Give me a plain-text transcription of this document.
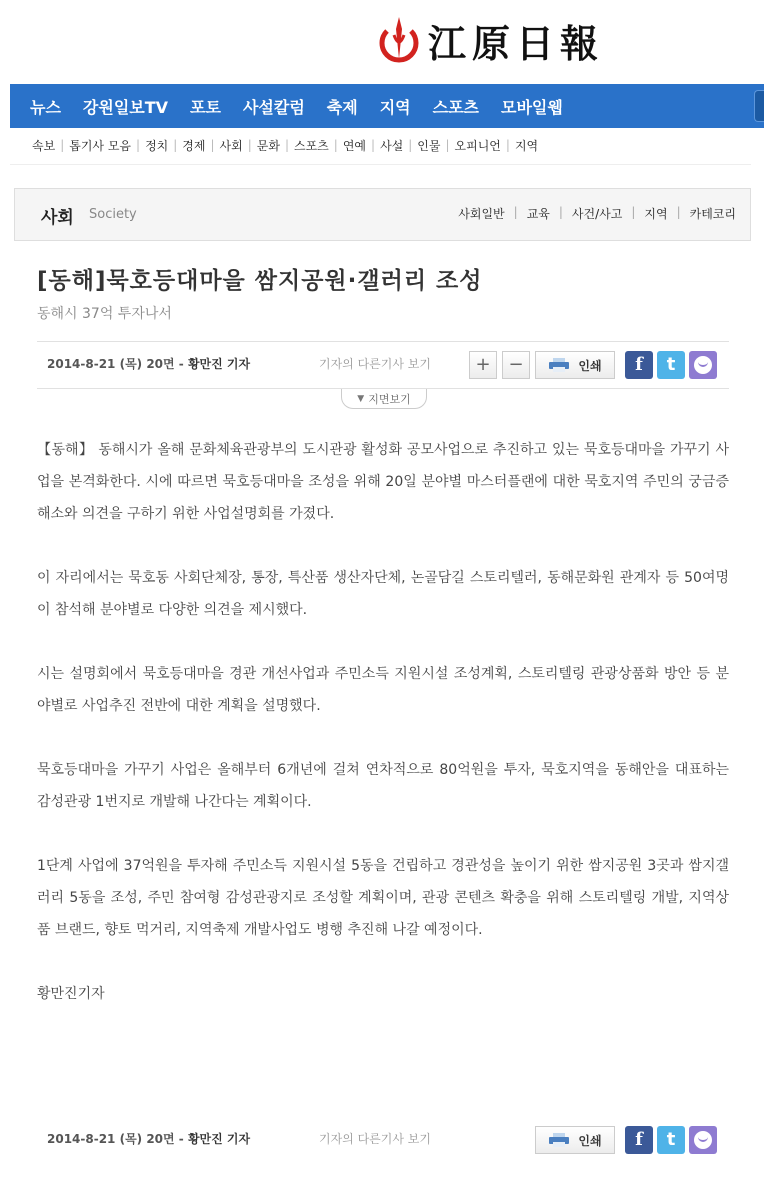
江原日報
뉴스 강원일보TV 포토 사설칼럼 축제 지역 스포츠 모바일웹
속보 | 톱기사 모음 | 정치 | 경제 | 사회 | 문화 | 스포츠 | 연예 | 사설 | 인물 | 오피니언 | 지역
사회 Society	사회일반 | 교육 | 사건/사고 | 지역 | 카테코리
[동해]묵호등대마을 쌈지공원·갤러리 조성
동해시 37억 투자나서
2014-8-21 (목) 20면 - 황만진 기자	기자의 다른기사 보기	+ −	인쇄	f	t
▼ 지면보기

【동해】 동해시가 올해 문화체육관광부의 도시관광 활성화 공모사업으로 추진하고 있는 묵호등대마을 가꾸기 사업을 본격화한다. 시에 따르면 묵호등대마을 조성을 위해 20일 분야별 마스터플랜에 대한 묵호지역 주민의 궁금증 해소와 의견을 구하기 위한 사업설명회를 가졌다.

이 자리에서는 묵호동 사회단체장, 통장, 특산품 생산자단체, 논골담길 스토리텔러, 동해문화원 관계자 등 50여명이 참석해 분야별로 다양한 의견을 제시했다.

시는 설명회에서 묵호등대마을 경관 개선사업과 주민소득 지원시설 조성계획, 스토리텔링 관광상품화 방안 등 분야별로 사업추진 전반에 대한 계획을 설명했다.

묵호등대마을 가꾸기 사업은 올해부터 6개년에 걸쳐 연차적으로 80억원을 투자, 묵호지역을 동해안을 대표하는 감성관광 1번지로 개발해 나간다는 계획이다.

1단계 사업에 37억원을 투자해 주민소득 지원시설 5동을 건립하고 경관성을 높이기 위한 쌈지공원 3곳과 쌈지갤러리 5동을 조성, 주민 참여형 감성관광지로 조성할 계획이며, 관광 콘텐츠 확충을 위해 스토리텔링 개발, 지역상품 브랜드, 향토 먹거리, 지역축제 개발사업도 병행 추진해 나갈 예정이다.

황만진기자

2014-8-21 (목) 20면 - 황만진 기자	기자의 다른기사 보기	인쇄	f	t
